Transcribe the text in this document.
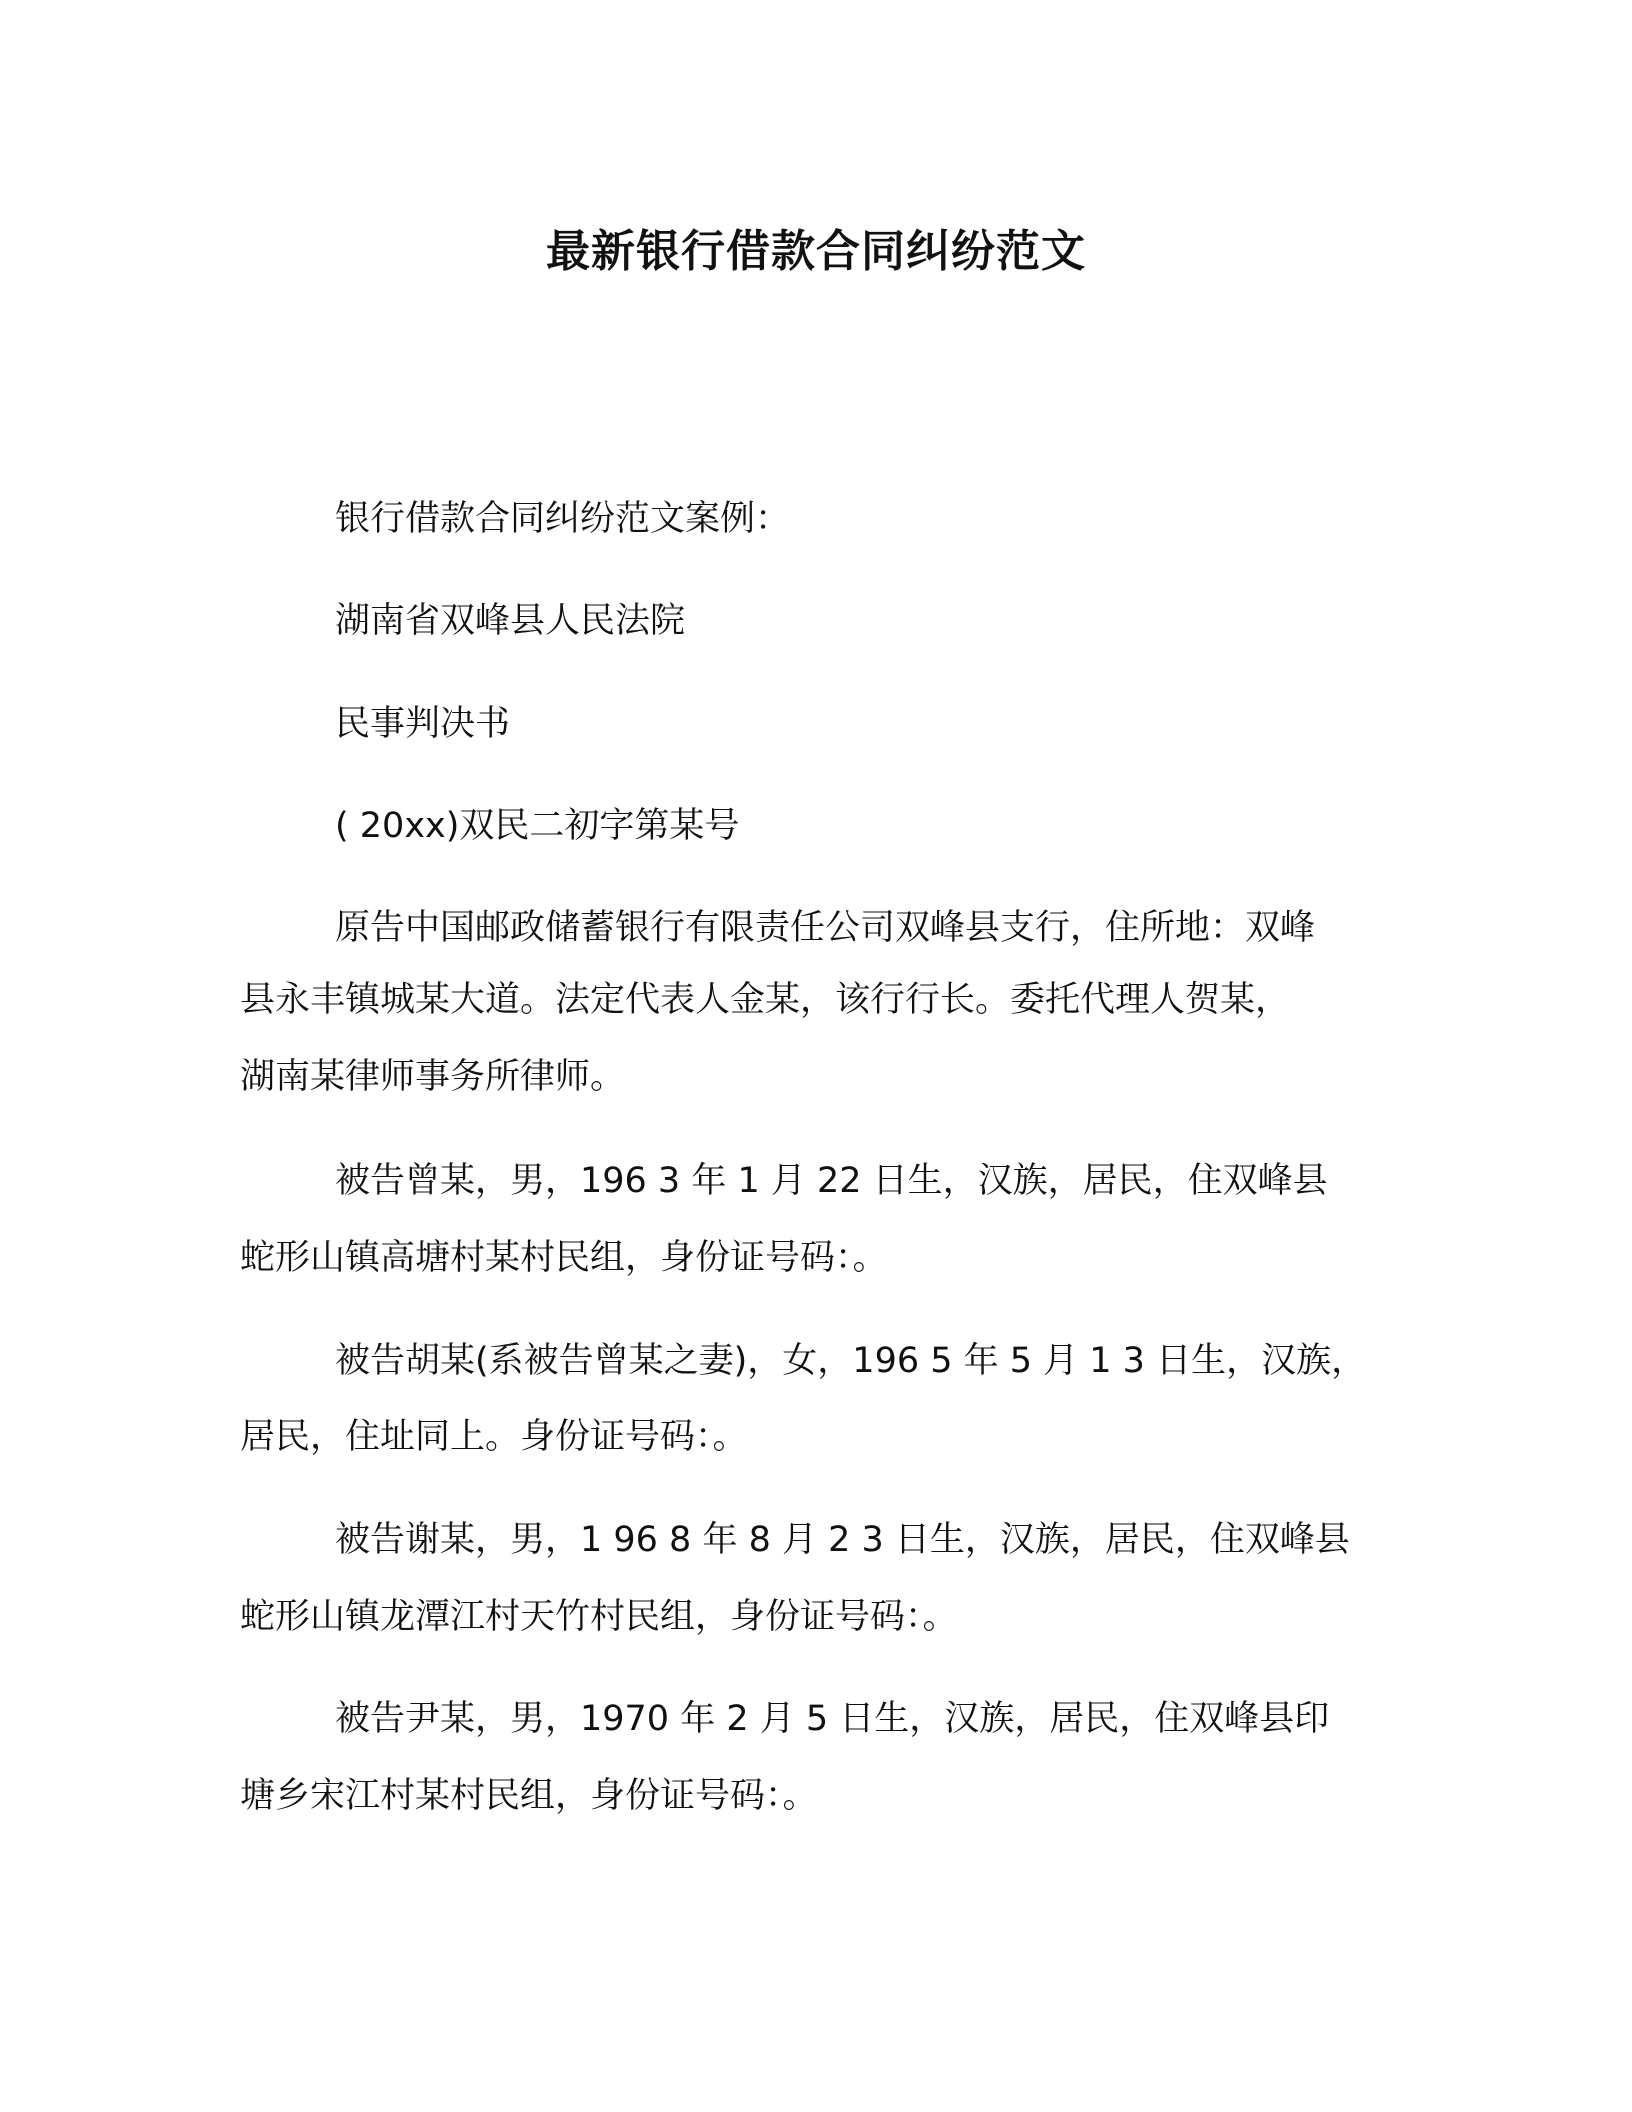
最新银行借款合同纠纷范文
银行借款合同纠纷范文案例：
湖南省双峰县人民法院
民事判决书
( 20xx)双民二初字第某号
原告中国邮政储蓄银行有限责任公司双峰县支行，住所地：双峰
县永丰镇城某大道。法定代表人金某，该行行长。委托代理人贺某，
湖南某律师事务所律师。
被告曾某，男，196 3 年 1 月 22 日生，汉族，居民，住双峰县
蛇形山镇高塘村某村民组，身份证号码：。
被告胡某(系被告曾某之妻)，女，196 5 年 5 月 1 3 日生，汉族，
居民，住址同上。身份证号码：。
被告谢某，男，1 96 8 年 8 月 2 3 日生，汉族，居民，住双峰县
蛇形山镇龙潭江村天竹村民组，身份证号码：。
被告尹某，男，1970 年 2 月 5 日生，汉族，居民，住双峰县印
塘乡宋江村某村民组，身份证号码：。
